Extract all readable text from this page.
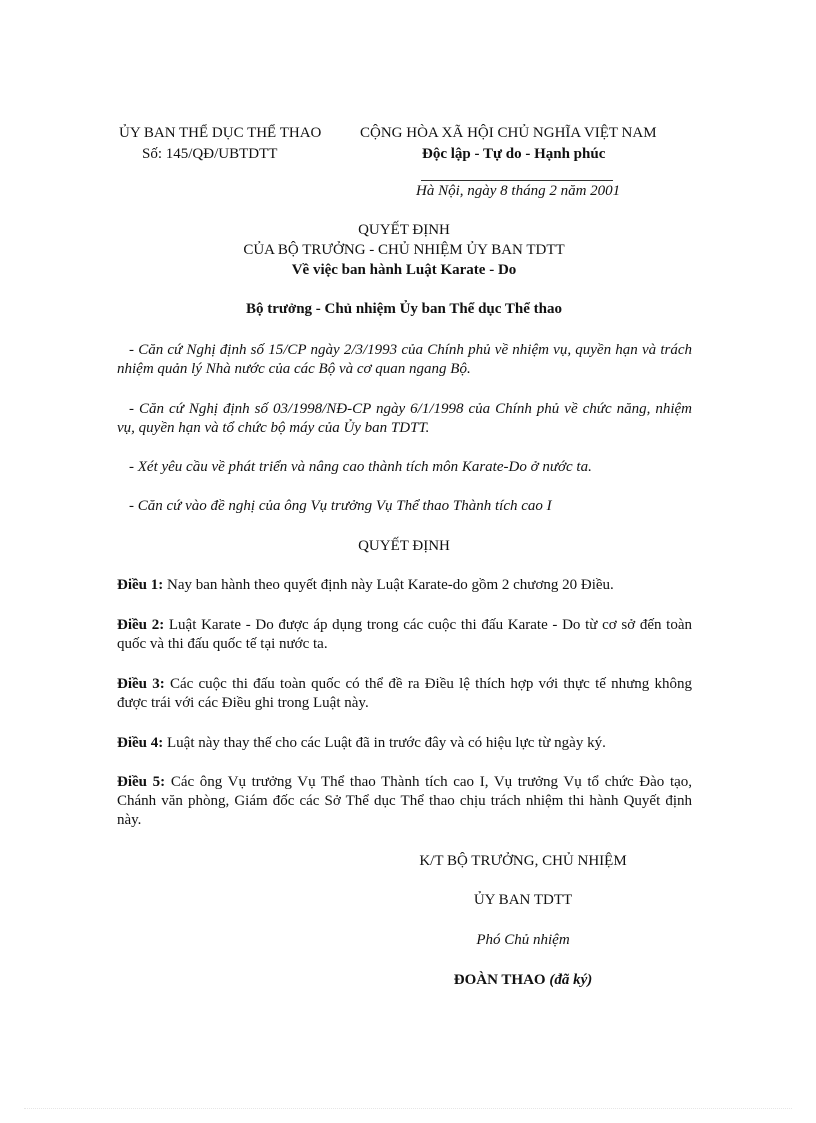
ỦY BAN THỂ DỤC THỂ THAO

Số: 145/QĐ/UBTDTT

CỘNG HÒA XÃ HỘI CHỦ NGHĨA VIỆT NAM

Độc lập - Tự do - Hạnh phúc

Hà Nội, ngày 8 tháng 2 năm 2001

QUYẾT ĐỊNH

CỦA BỘ TRƯỞNG - CHỦ NHIỆM ỦY BAN TDTT

Về việc ban hành Luật Karate - Do

Bộ trưởng - Chủ nhiệm Ủy ban Thể dục Thể thao

- Căn cứ Nghị định số 15/CP ngày 2/3/1993 của Chính phủ về nhiệm vụ, quyền hạn và trách nhiệm quản lý Nhà nước của các Bộ và cơ quan ngang Bộ.

- Căn cứ Nghị định số 03/1998/NĐ-CP ngày 6/1/1998 của Chính phủ về chức năng, nhiệm vụ, quyền hạn và tổ chức bộ máy của Ủy ban TDTT.

- Xét yêu cầu về phát triển và nâng cao thành tích môn Karate-Do ở nước ta.

- Căn cứ vào đề nghị của ông Vụ trưởng Vụ Thể thao Thành tích cao I

QUYẾT ĐỊNH

Điều 1: Nay ban hành theo quyết định này Luật Karate-do gồm 2 chương 20 Điều.

Điều 2: Luật Karate - Do được áp dụng trong các cuộc thi đấu Karate - Do từ cơ sở đến toàn quốc và thi đấu quốc tế tại nước ta.

Điều 3: Các cuộc thi đấu toàn quốc có thể đề ra Điều lệ thích hợp với thực tế nhưng không được trái với các Điều ghi trong Luật này.

Điều 4: Luật này thay thế cho các Luật đã in trước đây và có hiệu lực từ ngày ký.

Điều 5: Các ông Vụ trưởng Vụ Thể thao Thành tích cao I, Vụ trưởng Vụ tổ chức Đào tạo, Chánh văn phòng, Giám đốc các Sở Thể dục Thể thao chịu trách nhiệm thi hành Quyết định này.

K/T BỘ TRƯỞNG, CHỦ NHIỆM

ỦY BAN TDTT

Phó Chủ nhiệm

ĐOÀN THAO (đã ký)
